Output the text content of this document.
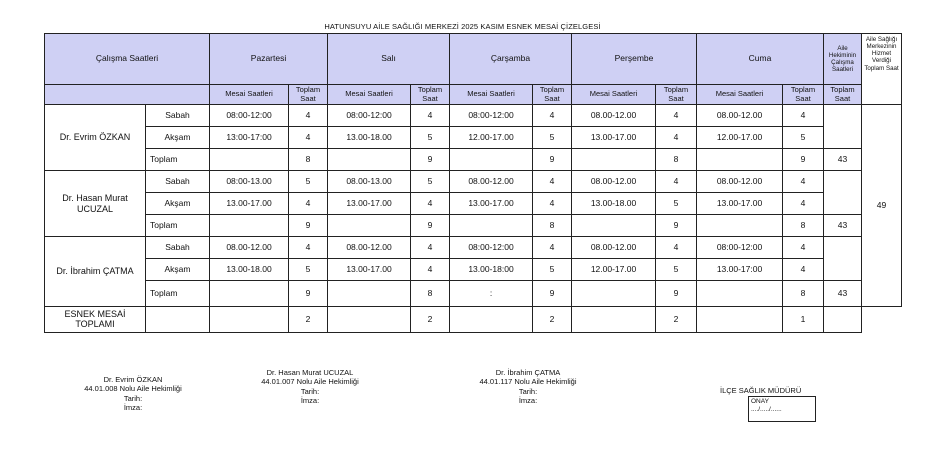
HATUNSUYU AİLE SAĞLIĞI MERKEZİ 2025 KASIM ESNEK MESAİ ÇİZELGESİ
Çalışma Saatleri		Pazartesi		Salı		Çarşamba		Perşembe		Cuma		Aile Hekiminin Çalışma Saatleri	Aile Sağlığı Merkezinin Hizmet Verdiği
Toplam Saat
		Mesai Saatleri	Toplam Saat	Mesai Saatleri	Toplam Saat	Mesai Saatleri	Toplam Saat	Mesai Saatleri	Toplam Saat	Mesai Saatleri	Toplam Saat	Toplam Saat	
Dr. Evrim ÖZKAN	Sabah	08:00-12:00	4	08:00-12:00	4	08:00-12:00	4	08.00-12.00	4	08.00-12.00	4		49
	Akşam	13:00-17:00	4	13.00-18.00	5	12.00-17.00	5	13.00-17.00	4	12.00-17.00	5		
	Toplam		8		9		9		8		9	43	
Dr. Hasan Murat UCUZAL	Sabah	08:00-13.00	5	08.00-13.00	5	08.00-12.00	4	08.00-12.00	4	08.00-12.00	4		
	Akşam	13.00-17.00	4	13.00-17.00	4	13.00-17.00	4	13.00-18.00	5	13.00-17.00	4		
	Toplam		9		9		8		9		8	43	
Dr. İbrahim ÇATMA	Sabah	08.00-12.00	4	08.00-12.00	4	08:00-12:00	4	08.00-12.00	4	08:00-12:00	4		
	Akşam	13.00-18.00	5	13.00-17.00	4	13.00-18:00	5	12.00-17.00	5	13.00-17:00	4		
	Toplam		9		8	:	9		9		8	43	
ESNEK MESAİ TOPLAMI			2		2		2		2		1		
Dr. Evrim ÖZKAN
44.01.008 Nolu Aile Hekimliği
Tarih:
İmza:
Dr. Hasan Murat UCUZAL
44.01.007 Nolu Aile Hekimliği
Tarih:
İmza:
Dr. İbrahim ÇATMA
44.01.117 Nolu Aile Hekimliği
Tarih:
İmza:
İLÇE SAĞLIK MÜDÜRÜ
ONAY
..../...../......
